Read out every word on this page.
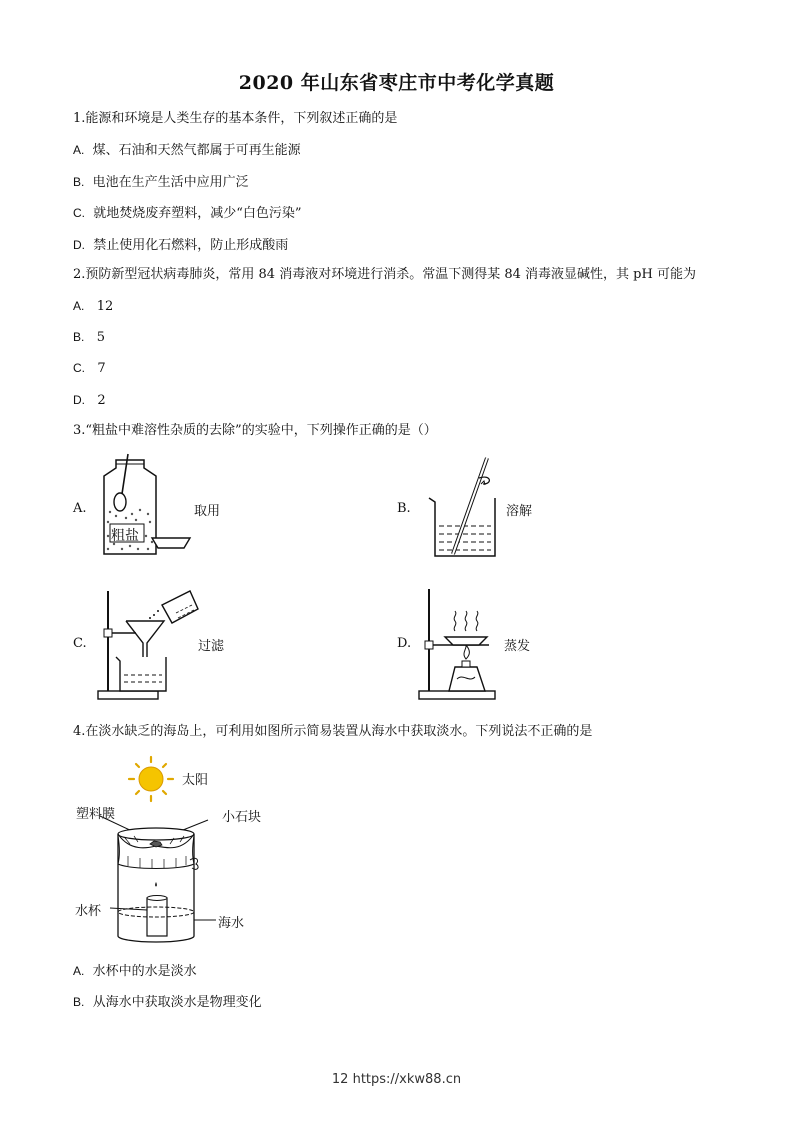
2020 年山东省枣庄市中考化学真题
1.能源和环境是人类生存的基本条件，下列叙述正确的是
A. 煤、石油和天然气都属于可再生能源
B. 电池在生产生活中应用广泛
C. 就地焚烧废弃塑料，减少“白色污染”
D. 禁止使用化石燃料，防止形成酸雨
2.预防新型冠状病毒肺炎，常用 84 消毒液对环境进行消杀。常温下测得某 84 消毒液显碱性，其 pH 可能为
A. 12
B. 5
C. 7
D. 2
3.“粗盐中难溶性杂质的去除”的实验中，下列操作正确的是（）
A.
粗盐
取用	B.	溶解
C.	过滤	D.	蒸发
4.在淡水缺乏的海岛上，可利用如图所示简易装置从海水中获取淡水。下列说法不正确的是
太阳
塑料膜	小石块
水杯
海水
A. 水杯中的水是淡水
B. 从海水中获取淡水是物理变化
12 https://xkw88.cn
